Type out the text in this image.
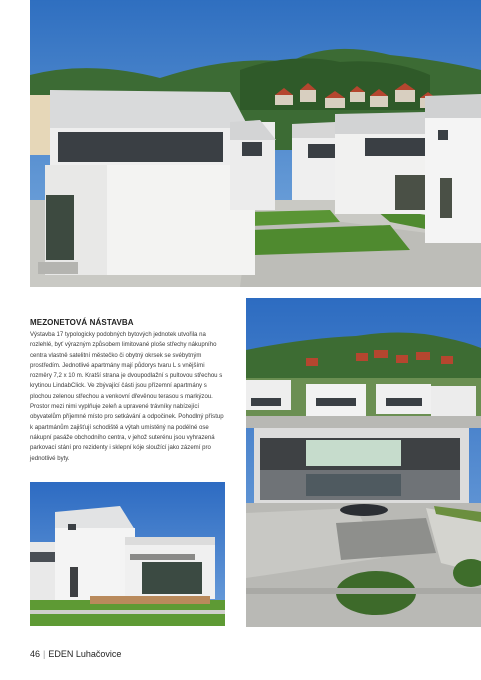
MEZONETOVÁ NÁSTAVBA

Výstavba 17 typologicky podobných bytových jednotek utvořila na rozlehlé, byť výrazným způsobem limitované ploše střechy nákupního centra vlastně satelitní městečko či obytný okrsek se svébytným prostředím. Jednotlivé apartmány mají půdorys tvaru L s vnějšími rozměry 7,2 x 10 m. Kratší strana je dvoupodlažní s pultovou střechou s krytinou LindabClick. Ve zbývající části jsou přízemní apartmány s plochou zelenou střechou a venkovní dřevěnou terasou s markýzou. Prostor mezi nimi vyplňuje zeleň a upravené trávníky nabízející obyvatelům příjemné místo pro setkávání a odpočinek. Pohodlný přístup k apartmánům zajišťují schodiště a výtah umístěný na podélné ose nákupní pasáže obchodního centra, v jehož suterénu jsou vyhrazená parkovací stání pro rezidenty i sklepní kóje sloužící jako zázemí pro jednotlivé byty.

46 | EDEN Luhačovice
